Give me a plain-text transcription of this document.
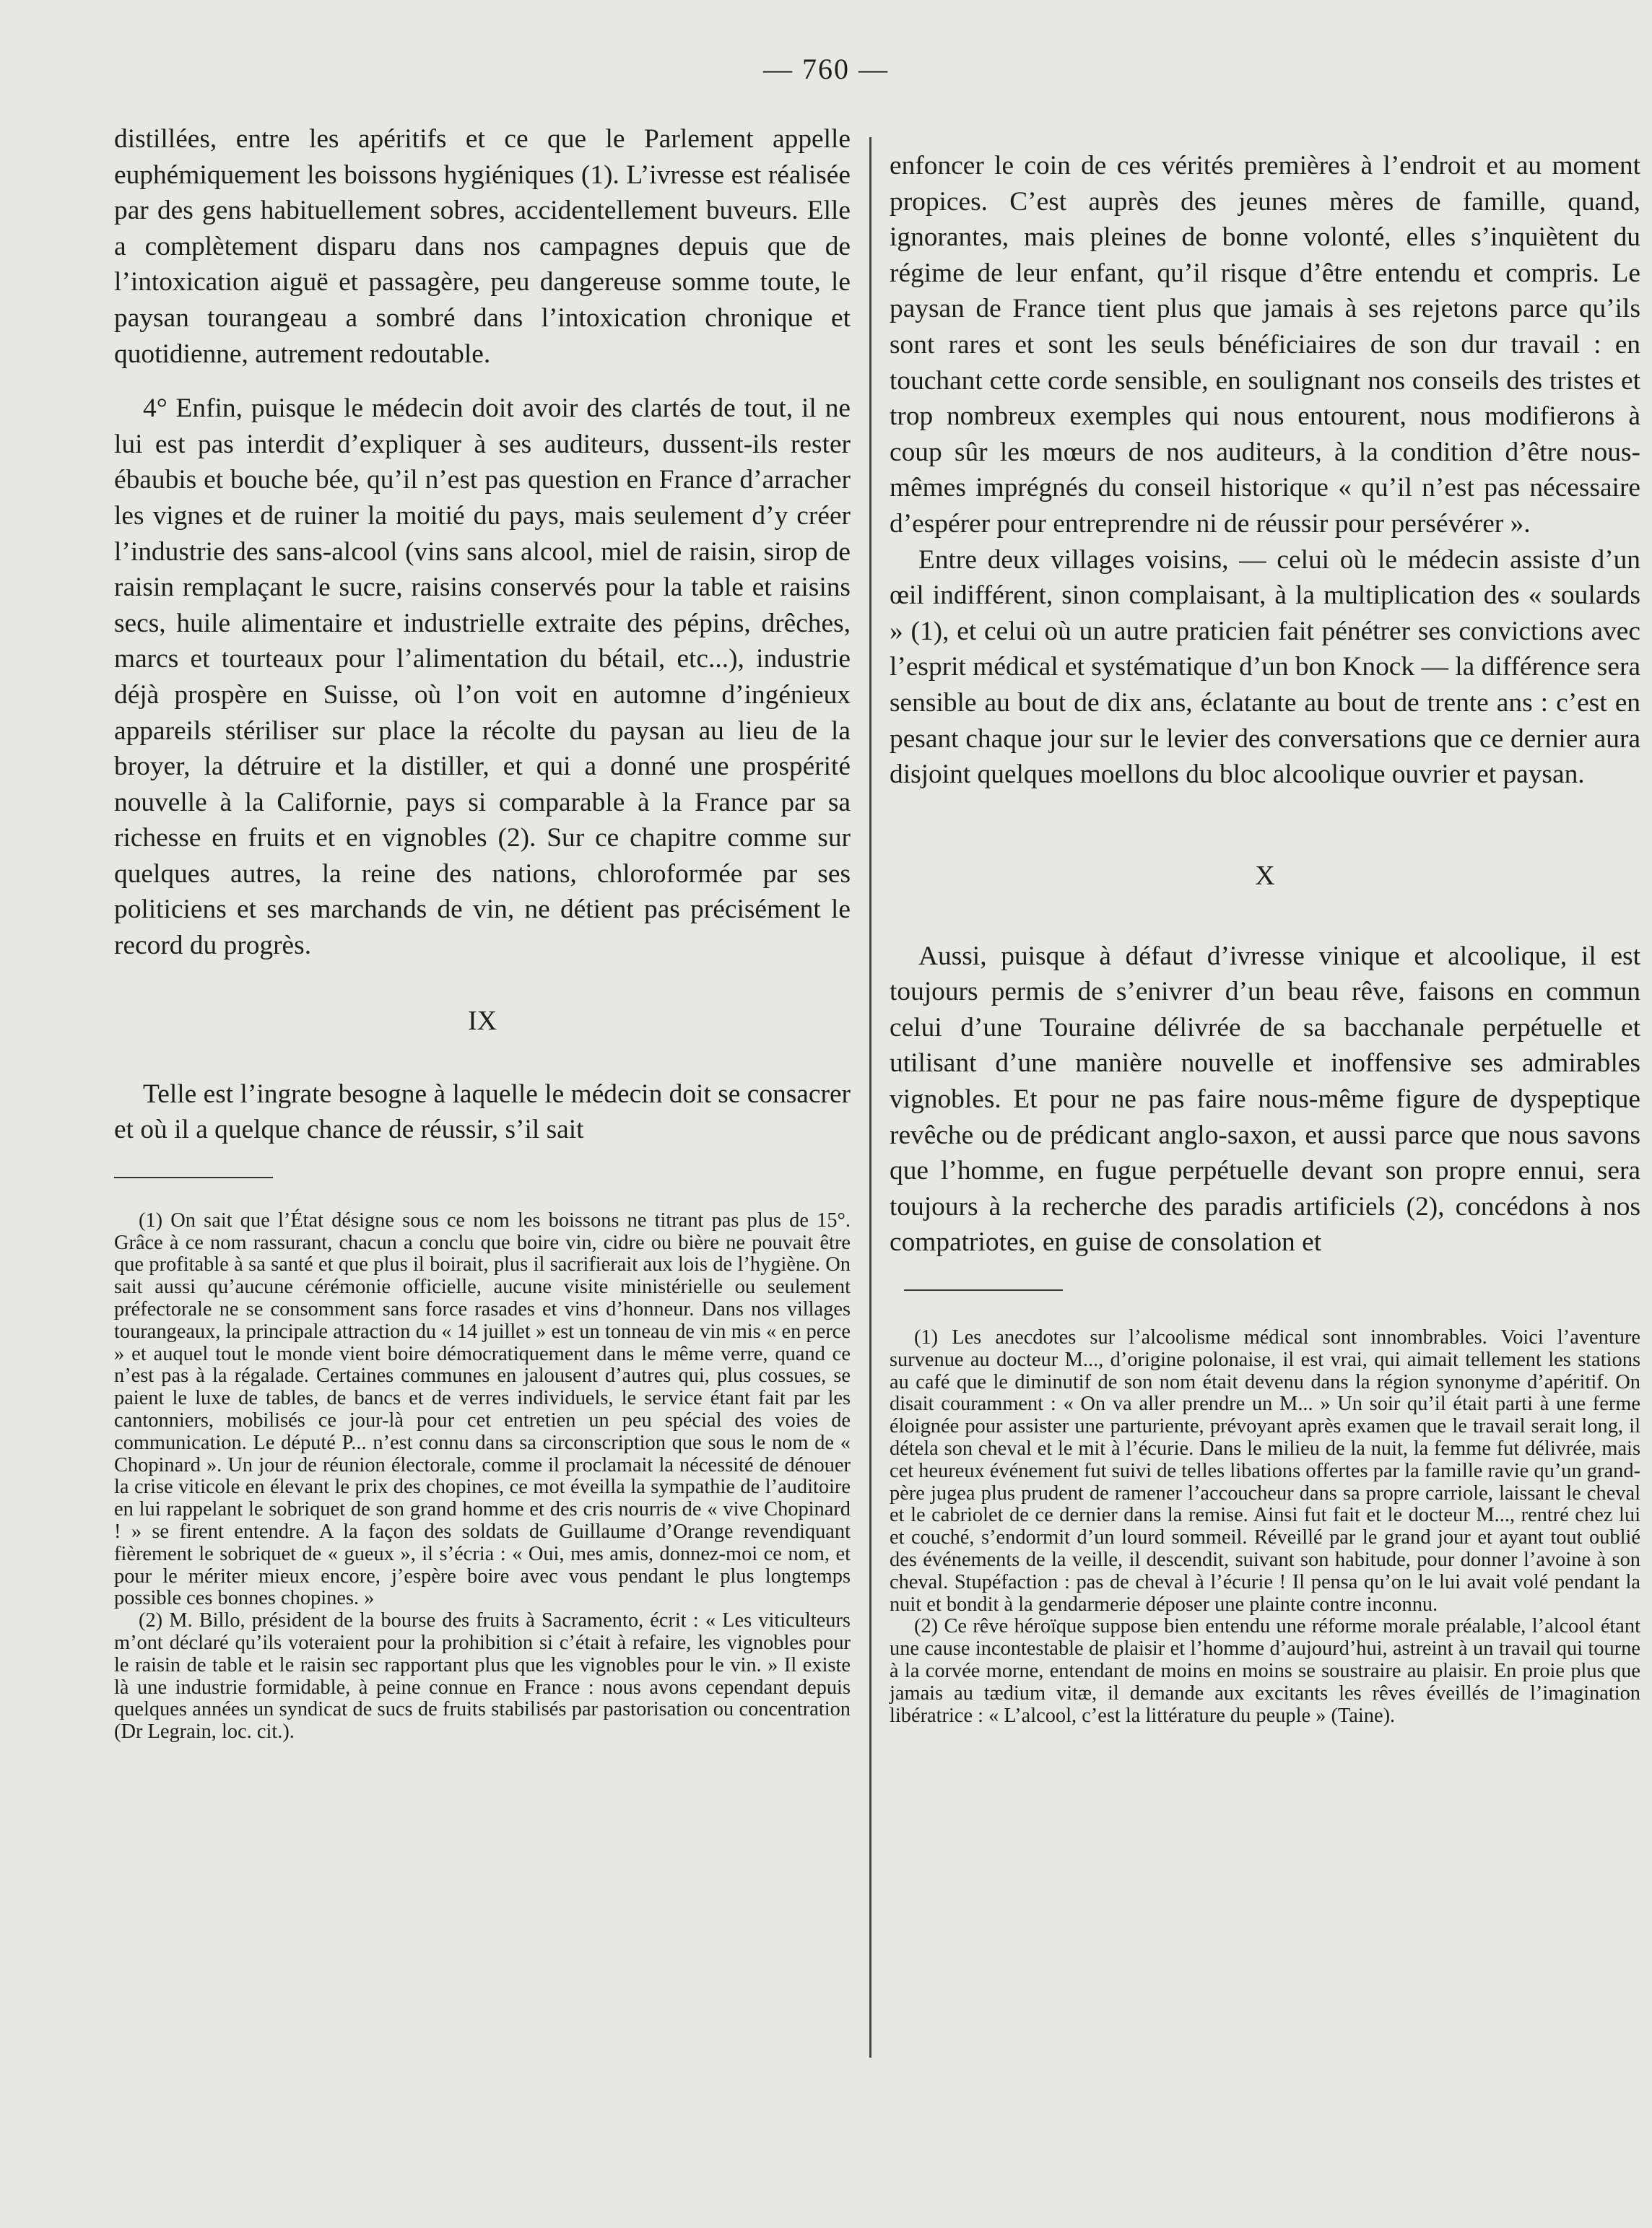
— 760 —

distillées, entre les apéritifs et ce que le Parlement appelle euphémiquement les boissons hygiéniques (1). L’ivresse est réalisée par des gens habituellement sobres, accidentellement buveurs. Elle a complètement disparu dans nos campagnes depuis que de l’intoxication aiguë et passagère, peu dangereuse somme toute, le paysan tourangeau a sombré dans l’intoxication chronique et quotidienne, autrement redoutable.

4° Enfin, puisque le médecin doit avoir des clartés de tout, il ne lui est pas interdit d’expliquer à ses auditeurs, dussent-ils rester ébaubis et bouche bée, qu’il n’est pas question en France d’arracher les vignes et de ruiner la moitié du pays, mais seulement d’y créer l’industrie des sans-alcool (vins sans alcool, miel de raisin, sirop de raisin remplaçant le sucre, raisins conservés pour la table et raisins secs, huile alimentaire et industrielle extraite des pépins, drêches, marcs et tourteaux pour l’alimentation du bétail, etc...), industrie déjà prospère en Suisse, où l’on voit en automne d’ingénieux appareils stériliser sur place la récolte du paysan au lieu de la broyer, la détruire et la distiller, et qui a donné une prospérité nouvelle à la Californie, pays si comparable à la France par sa richesse en fruits et en vignobles (2). Sur ce chapitre comme sur quelques autres, la reine des nations, chloroformée par ses politiciens et ses marchands de vin, ne détient pas précisément le record du progrès.

IX

Telle est l’ingrate besogne à laquelle le médecin doit se consacrer et où il a quelque chance de réussir, s’il sait

(1) On sait que l’État désigne sous ce nom les boissons ne titrant pas plus de 15°. Grâce à ce nom rassurant, chacun a conclu que boire vin, cidre ou bière ne pouvait être que profitable à sa santé et que plus il boirait, plus il sacrifierait aux lois de l’hygiène. On sait aussi qu’aucune cérémonie officielle, aucune visite ministérielle ou seulement préfectorale ne se consomment sans force rasades et vins d’honneur. Dans nos villages tourangeaux, la principale attraction du « 14 juillet » est un tonneau de vin mis « en perce » et auquel tout le monde vient boire démocratiquement dans le même verre, quand ce n’est pas à la régalade. Certaines communes en jalousent d’autres qui, plus cossues, se paient le luxe de tables, de bancs et de verres individuels, le service étant fait par les cantonniers, mobilisés ce jour-là pour cet entretien un peu spécial des voies de communication. Le député P... n’est connu dans sa circonscription que sous le nom de « Chopinard ». Un jour de réunion électorale, comme il proclamait la nécessité de dénouer la crise viticole en élevant le prix des chopines, ce mot éveilla la sympathie de l’auditoire en lui rappelant le sobriquet de son grand homme et des cris nourris de « vive Chopinard ! » se firent entendre. A la façon des soldats de Guillaume d’Orange revendiquant fièrement le sobriquet de « gueux », il s’écria : « Oui, mes amis, donnez-moi ce nom, et pour le mériter mieux encore, j’espère boire avec vous pendant le plus longtemps possible ces bonnes chopines. »

(2) M. Billo, président de la bourse des fruits à Sacramento, écrit : « Les viticulteurs m’ont déclaré qu’ils voteraient pour la prohibition si c’était à refaire, les vignobles pour le raisin de table et le raisin sec rapportant plus que les vignobles pour le vin. » Il existe là une industrie formidable, à peine connue en France : nous avons cependant depuis quelques années un syndicat de sucs de fruits stabilisés par pastorisation ou concentration (Dr Legrain, loc. cit.).

enfoncer le coin de ces vérités premières à l’endroit et au moment propices. C’est auprès des jeunes mères de famille, quand, ignorantes, mais pleines de bonne volonté, elles s’inquiètent du régime de leur enfant, qu’il risque d’être entendu et compris. Le paysan de France tient plus que jamais à ses rejetons parce qu’ils sont rares et sont les seuls bénéficiaires de son dur travail : en touchant cette corde sensible, en soulignant nos conseils des tristes et trop nombreux exemples qui nous entourent, nous modifierons à coup sûr les mœurs de nos auditeurs, à la condition d’être nous-mêmes imprégnés du conseil historique « qu’il n’est pas nécessaire d’espérer pour entreprendre ni de réussir pour persévérer ».

Entre deux villages voisins, — celui où le médecin assiste d’un œil indifférent, sinon complaisant, à la multiplication des « soulards » (1), et celui où un autre praticien fait pénétrer ses convictions avec l’esprit médical et systématique d’un bon Knock — la différence sera sensible au bout de dix ans, éclatante au bout de trente ans : c’est en pesant chaque jour sur le levier des conversations que ce dernier aura disjoint quelques moellons du bloc alcoolique ouvrier et paysan.

X

Aussi, puisque à défaut d’ivresse vinique et alcoolique, il est toujours permis de s’enivrer d’un beau rêve, faisons en commun celui d’une Touraine délivrée de sa bacchanale perpétuelle et utilisant d’une manière nouvelle et inoffensive ses admirables vignobles. Et pour ne pas faire nous-même figure de dyspeptique revêche ou de prédicant anglo-saxon, et aussi parce que nous savons que l’homme, en fugue perpétuelle devant son propre ennui, sera toujours à la recherche des paradis artificiels (2), concédons à nos compatriotes, en guise de consolation et

(1) Les anecdotes sur l’alcoolisme médical sont innombrables. Voici l’aventure survenue au docteur M..., d’origine polonaise, il est vrai, qui aimait tellement les stations au café que le diminutif de son nom était devenu dans la région synonyme d’apéritif. On disait couramment : « On va aller prendre un M... » Un soir qu’il était parti à une ferme éloignée pour assister une parturiente, prévoyant après examen que le travail serait long, il dételа son cheval et le mit à l’écurie. Dans le milieu de la nuit, la femme fut délivrée, mais cet heureux événement fut suivi de telles libations offertes par la famille ravie qu’un grand-père jugea plus prudent de ramener l’accoucheur dans sa propre carriole, laissant le cheval et le cabriolet de ce dernier dans la remise. Ainsi fut fait et le docteur M..., rentré chez lui et couché, s’endormit d’un lourd sommeil. Réveillé par le grand jour et ayant tout oublié des événements de la veille, il descendit, suivant son habitude, pour donner l’avoine à son cheval. Stupéfaction : pas de cheval à l’écurie ! Il pensa qu’on le lui avait volé pendant la nuit et bondit à la gendarmerie déposer une plainte contre inconnu.

(2) Ce rêve héroïque suppose bien entendu une réforme morale préalable, l’alcool étant une cause incontestable de plaisir et l’homme d’aujourd’hui, astreint à un travail qui tourne à la corvée morne, entendant de moins en moins se soustraire au plaisir. En proie plus que jamais au tædium vitæ, il demande aux excitants les rêves éveillés de l’imagination libératrice : « L’alcool, c’est la littérature du peuple » (Taine).
